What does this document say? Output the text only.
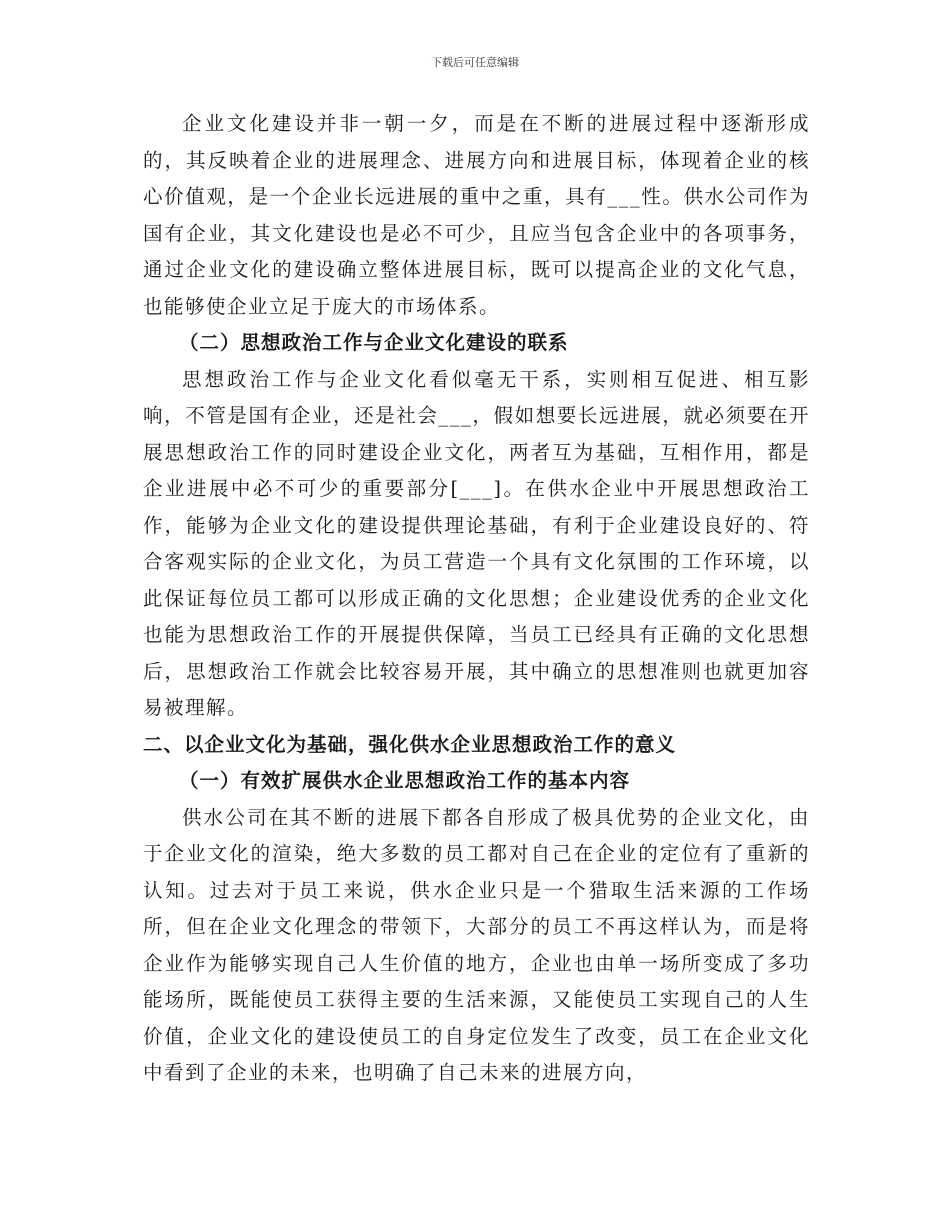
下载后可任意编辑

企业文化建设并非一朝一夕，而是在不断的进展过程中逐渐形成的，其反映着企业的进展理念、进展方向和进展目标，体现着企业的核心价值观，是一个企业长远进展的重中之重，具有___性。供水公司作为国有企业，其文化建设也是必不可少，且应当包含企业中的各项事务，通过企业文化的建设确立整体进展目标，既可以提高企业的文化气息，也能够使企业立足于庞大的市场体系。

（二）思想政治工作与企业文化建设的联系

思想政治工作与企业文化看似毫无干系，实则相互促进、相互影响，不管是国有企业，还是社会___，假如想要长远进展，就必须要在开展思想政治工作的同时建设企业文化，两者互为基础，互相作用，都是企业进展中必不可少的重要部分[___]。在供水企业中开展思想政治工作，能够为企业文化的建设提供理论基础，有利于企业建设良好的、符合客观实际的企业文化，为员工营造一个具有文化氛围的工作环境，以此保证每位员工都可以形成正确的文化思想；企业建设优秀的企业文化也能为思想政治工作的开展提供保障，当员工已经具有正确的文化思想后，思想政治工作就会比较容易开展，其中确立的思想准则也就更加容易被理解。

二、以企业文化为基础，强化供水企业思想政治工作的意义

（一）有效扩展供水企业思想政治工作的基本内容

供水公司在其不断的进展下都各自形成了极具优势的企业文化，由于企业文化的渲染，绝大多数的员工都对自己在企业的定位有了重新的认知。过去对于员工来说，供水企业只是一个猎取生活来源的工作场所，但在企业文化理念的带领下，大部分的员工不再这样认为，而是将企业作为能够实现自己人生价值的地方，企业也由单一场所变成了多功能场所，既能使员工获得主要的生活来源，又能使员工实现自己的人生价值，企业文化的建设使员工的自身定位发生了改变，员工在企业文化中看到了企业的未来，也明确了自己未来的进展方向，
